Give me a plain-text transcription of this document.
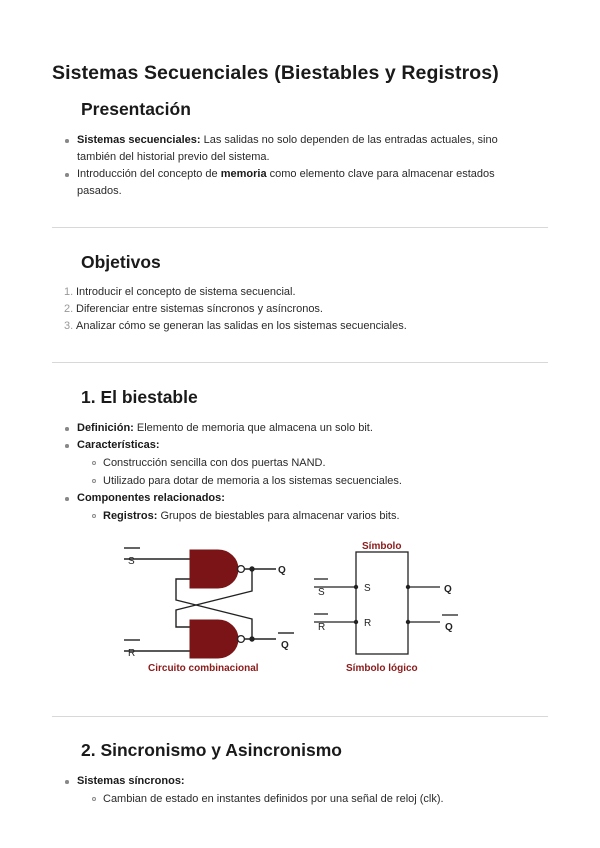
Sistemas Secuenciales (Biestables y Registros)
Presentación
Sistemas secuenciales: Las salidas no solo dependen de las entradas actuales, sino
también del historial previo del sistema.
Introducción del concepto de memoria como elemento clave para almacenar estados
pasados.
Objetivos
1. Introducir el concepto de sistema secuencial.
2. Diferenciar entre sistemas síncronos y asíncronos.
3. Analizar cómo se generan las salidas en los sistemas secuenciales.
1. El biestable
Definición: Elemento de memoria que almacena un solo bit.
Características:
Construcción sencilla con dos puertas NAND.
Utilizado para dotar de memoria a los sistemas secuenciales.
Componentes relacionados:
Registros: Grupos de biestables para almacenar varios bits.
S
R
Q
Q
Circuito combinacional
Símbolo
S
R
S
R
Q
Q
Símbolo lógico
2. Sincronismo y Asincronismo
Sistemas síncronos:
Cambian de estado en instantes definidos por una señal de reloj (clk).
